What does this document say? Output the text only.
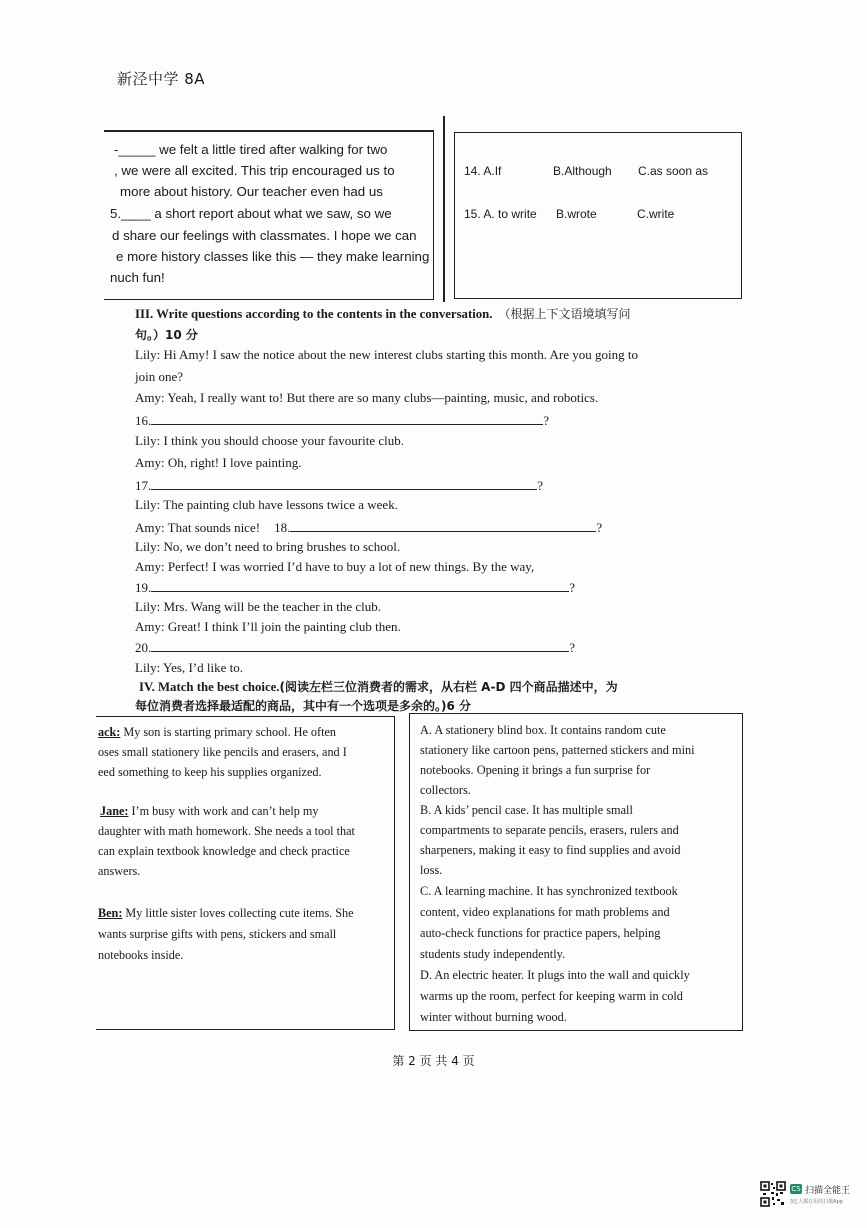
新泾中学 8A
-_____ we felt a little tired after walking for two
, we were all excited. This trip encouraged us to
more about history. Our teacher even had us
5.____ a short report about what we saw, so we
d share our feelings with classmates. I hope we can
e more history classes like this — they make learning
nuch fun!
14. A.If	B.Although C.as soon as
15. A. to write B.wrote	C.write
III. Write questions according to the contents in the conversation. （根据上下文语境填写问
句。）10 分
Lily: Hi Amy! I saw the notice about the new interest clubs starting this month. Are you going to
join one?
Amy: Yeah, I really want to! But there are so many clubs—painting, music, and robotics.
16.	?
Lily: I think you should choose your favourite club.
Amy: Oh, right! I love painting.
17.	?
Lily: The painting club have lessons twice a week.
Amy: That sounds nice! 18.	?
Lily: No, we don’t need to bring brushes to school.
Amy: Perfect! I was worried I’d have to buy a lot of new things. By the way,
19.	?
Lily: Mrs. Wang will be the teacher in the club.
Amy: Great! I think I’ll join the painting club then.
20.	?
Lily: Yes, I’d like to.
IV. Match the best choice.(阅读左栏三位消费者的需求，从右栏 A-D 四个商品描述中，为
每位消费者选择最适配的商品，其中有一个选项是多余的。)6 分
ack: My son is starting primary school. He often
oses small stationery like pencils and erasers, and I
eed something to keep his supplies organized.
Jane: I’m busy with work and can’t help my
daughter with math homework. She needs a tool that
can explain textbook knowledge and check practice
answers.
Ben: My little sister loves collecting cute items. She
wants surprise gifts with pens, stickers and small
notebooks inside.
A. A stationery blind box. It contains random cute
stationery like cartoon pens, patterned stickers and mini
notebooks. Opening it brings a fun surprise for
collectors.
B. A kids’ pencil case. It has multiple small
compartments to separate pencils, erasers, rulers and
sharpeners, making it easy to find supplies and avoid
loss.
C. A learning machine. It has synchronized textbook
content, video explanations for math problems and
auto-check functions for practice papers, helping
students study independently.
D. An electric heater. It plugs into the wall and quickly
warms up the room, perfect for keeping warm in cold
winter without burning wood.
第 2 页 共 4 页
CS 扫描全能王
3亿人都在用的扫描App
